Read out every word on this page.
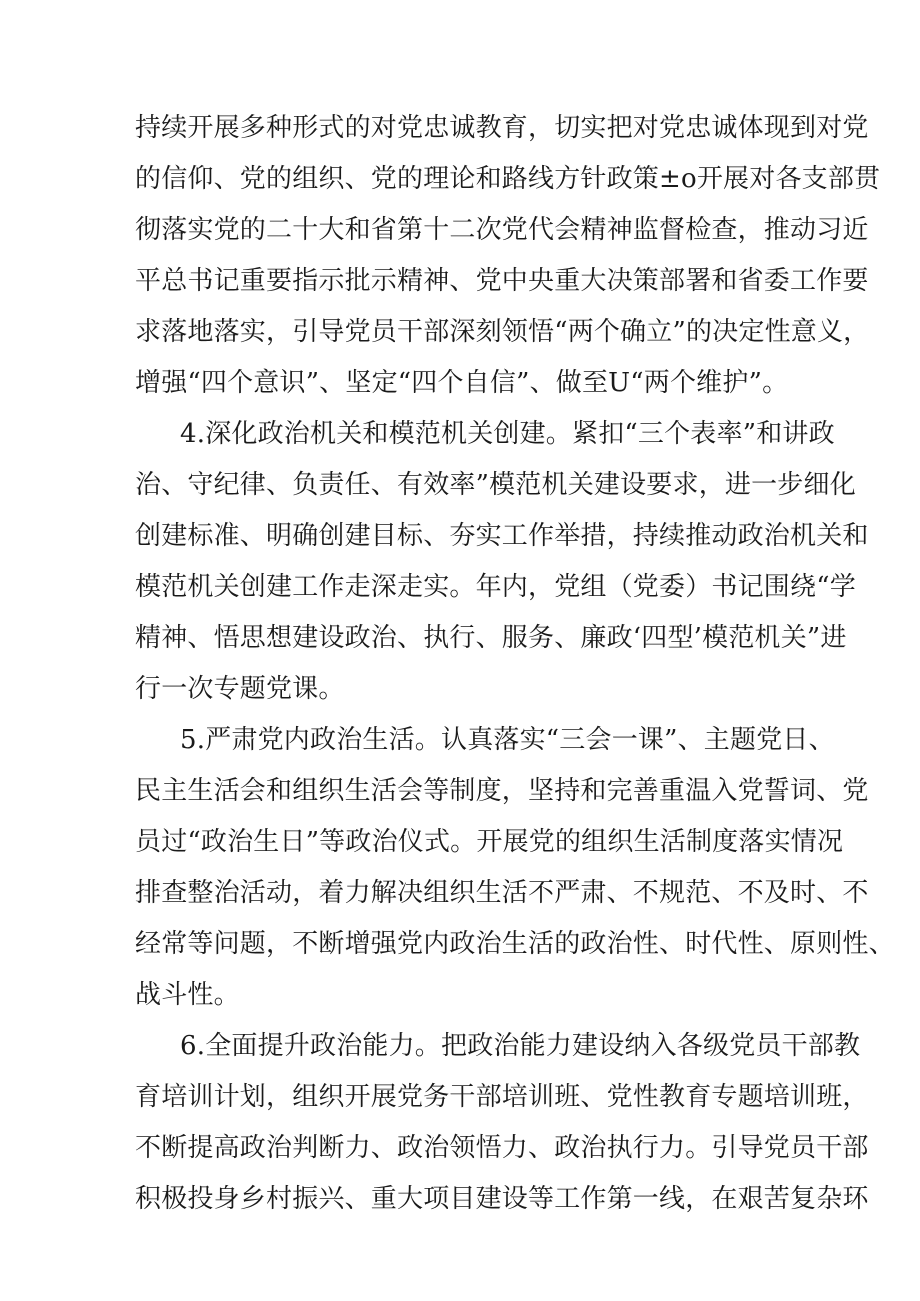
持续开展多种形式的对党忠诚教育，切实把对党忠诚体现到对党
的信仰、党的组织、党的理论和路线方针政策±o开展对各支部贯
彻落实党的二十大和省第十二次党代会精神监督检查，推动习近
平总书记重要指示批示精神、党中央重大决策部署和省委工作要
求落地落实，引导党员干部深刻领悟“两个确立”的决定性意义，
增强“四个意识”、坚定“四个自信”、做至U“两个维护”。
4.深化政治机关和模范机关创建。紧扣“三个表率”和讲政
治、守纪律、负责任、有效率”模范机关建设要求，进一步细化
创建标准、明确创建目标、夯实工作举措，持续推动政治机关和
模范机关创建工作走深走实。年内，党组（党委）书记围绕“学
精神、悟思想建设政治、执行、服务、廉政‘四型’模范机关”进
行一次专题党课。
5.严肃党内政治生活。认真落实“三会一课”、主题党日、
民主生活会和组织生活会等制度，坚持和完善重温入党誓词、党
员过“政治生日”等政治仪式。开展党的组织生活制度落实情况
排查整治活动，着力解决组织生活不严肃、不规范、不及时、不
经常等问题，不断增强党内政治生活的政治性、时代性、原则性、
战斗性。
6.全面提升政治能力。把政治能力建设纳入各级党员干部教
育培训计划，组织开展党务干部培训班、党性教育专题培训班，
不断提高政治判断力、政治领悟力、政治执行力。引导党员干部
积极投身乡村振兴、重大项目建设等工作第一线，在艰苦复杂环
